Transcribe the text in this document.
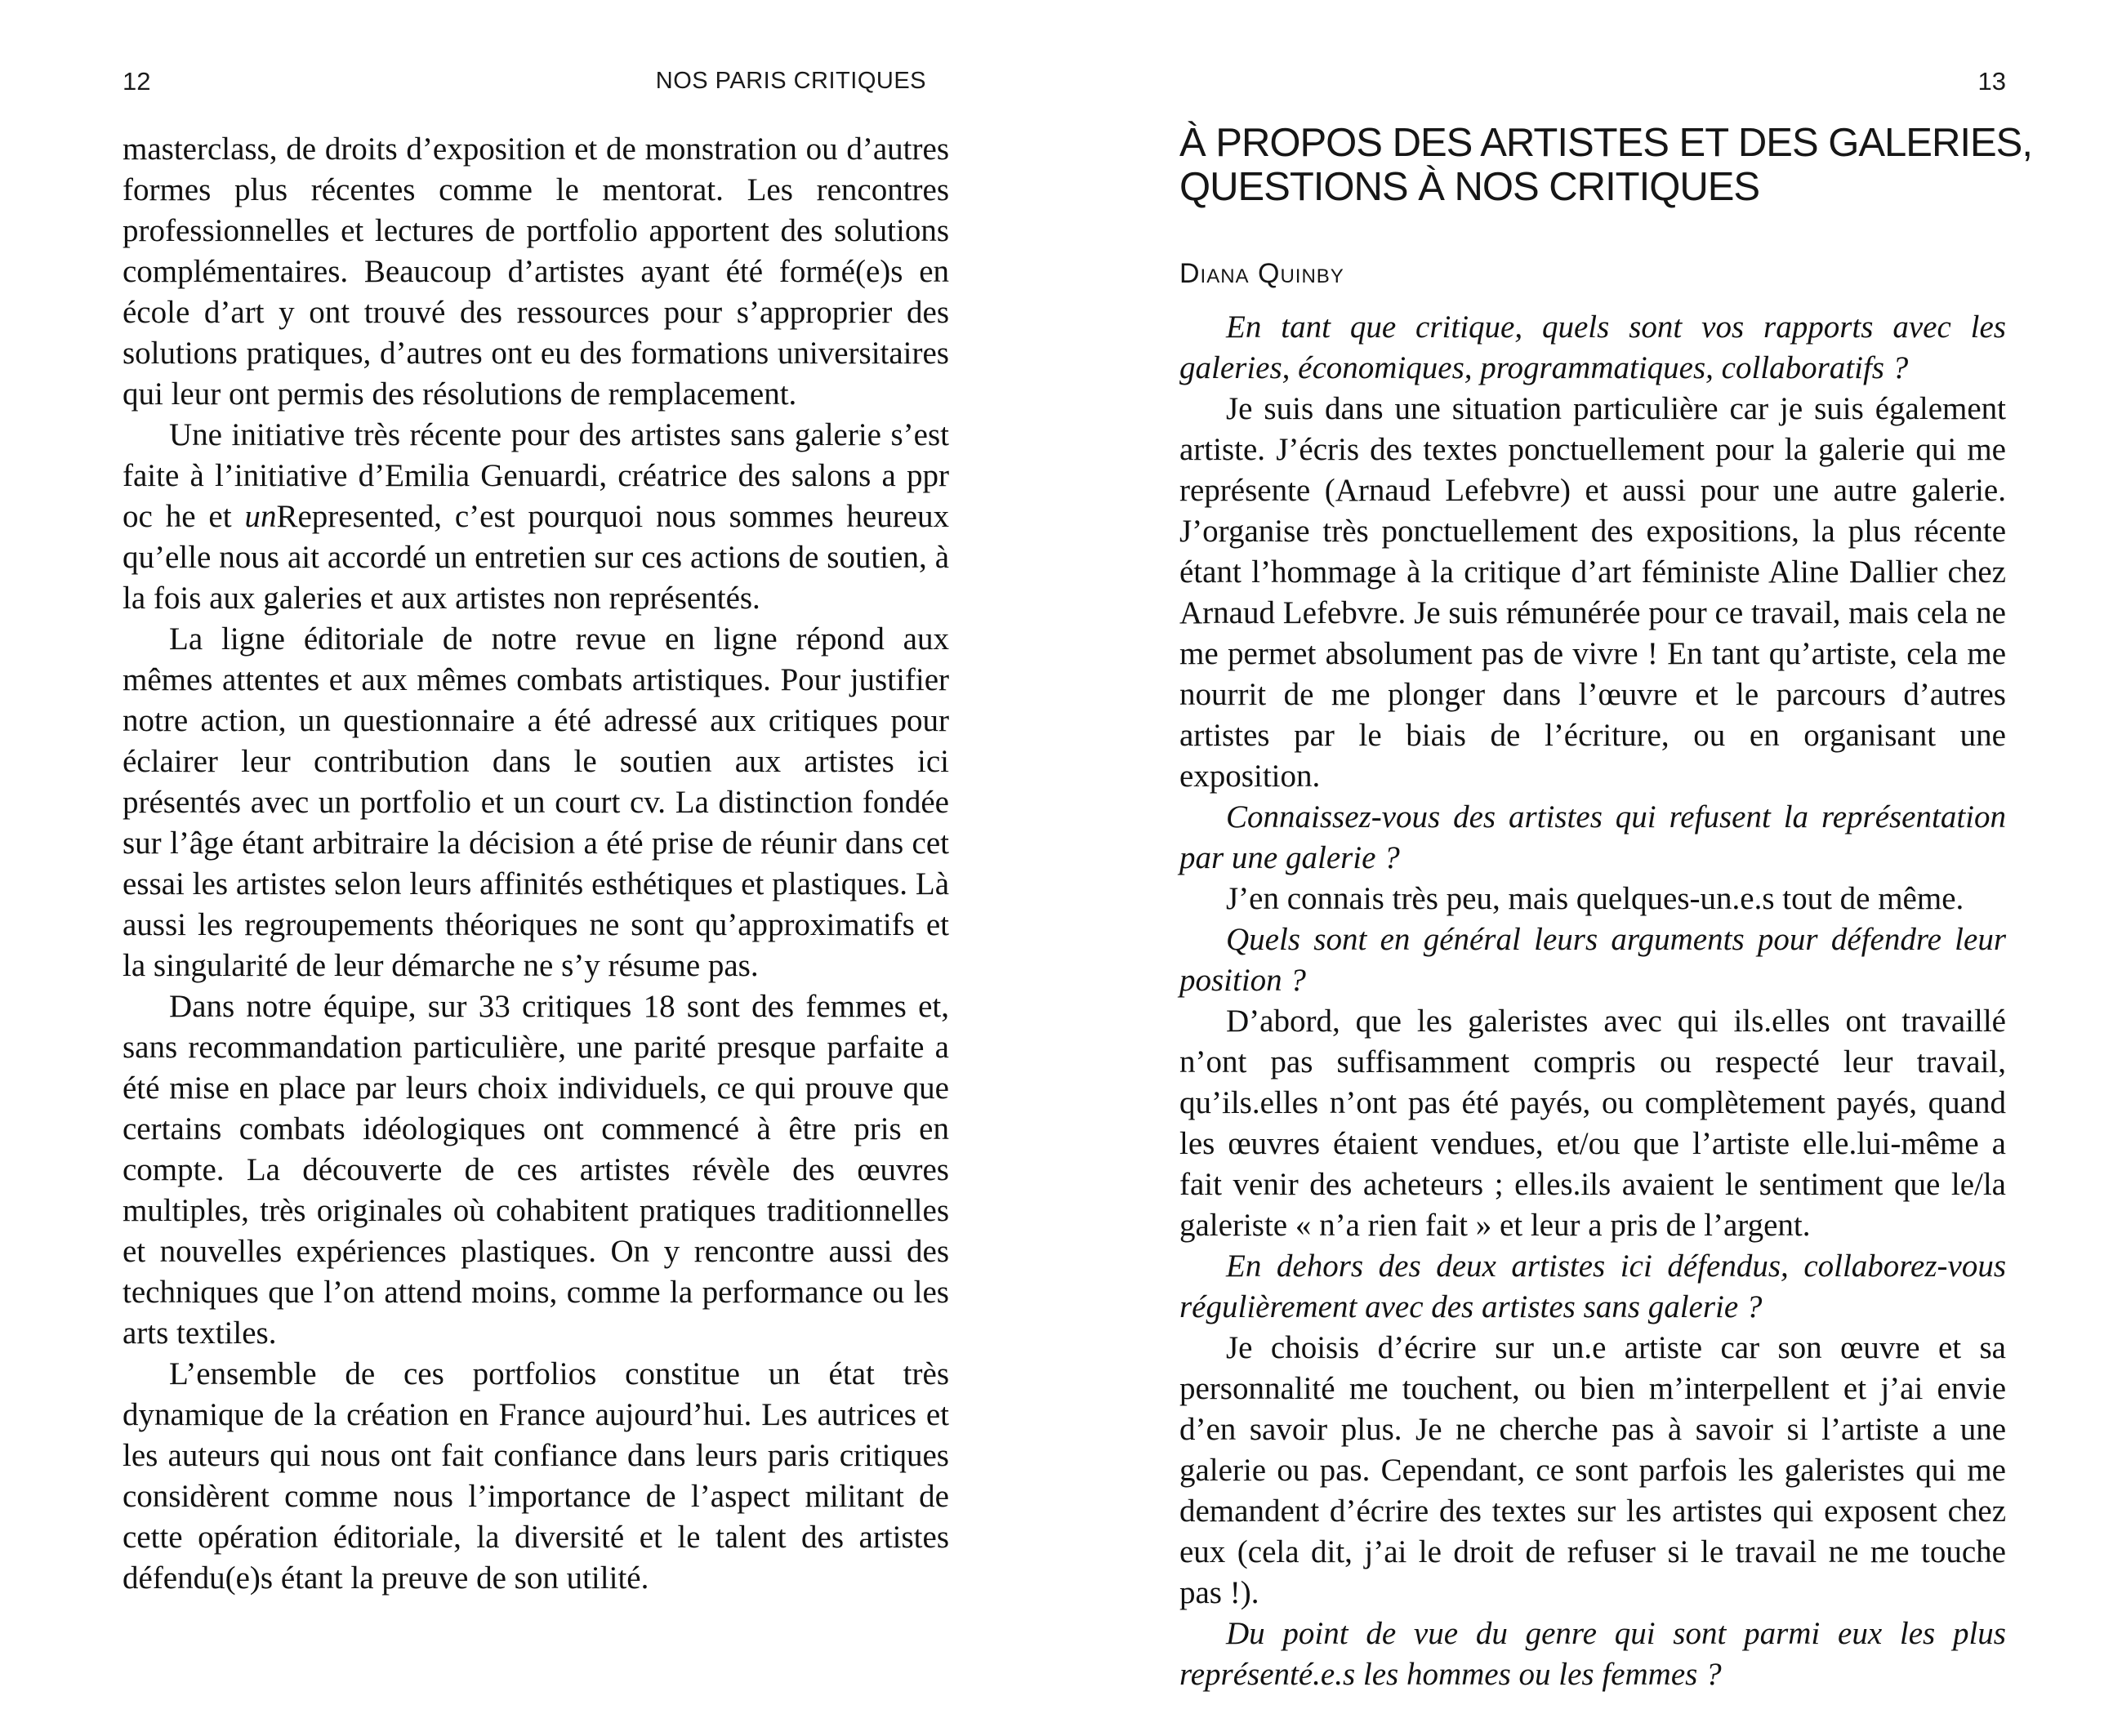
12	NOS PARIS CRITIQUES

masterclass, de droits d’exposition et de monstration ou d’autres formes plus récentes comme le mentorat. Les rencontres professionnelles et lectures de portfolio apportent des solutions complémentaires. Beaucoup d’artistes ayant été formé(e)s en école d’art y ont trouvé des ressources pour s’approprier des solutions pratiques, d’autres ont eu des formations universitaires qui leur ont permis des résolutions de remplacement.

Une initiative très récente pour des artistes sans galerie s’est faite à l’initiative d’Emilia Genuardi, créatrice des salons a ppr oc he et unRepresented, c’est pourquoi nous sommes heureux qu’elle nous ait accordé un entretien sur ces actions de soutien, à la fois aux galeries et aux artistes non représentés.

La ligne éditoriale de notre revue en ligne répond aux mêmes attentes et aux mêmes combats artistiques. Pour justifier notre action, un questionnaire a été adressé aux critiques pour éclairer leur contribution dans le soutien aux artistes ici présentés avec un portfolio et un court cv. La distinction fondée sur l’âge étant arbitraire la décision a été prise de réunir dans cet essai les artistes selon leurs affinités esthétiques et plastiques. Là aussi les regroupements théoriques ne sont qu’approximatifs et la singularité de leur démarche ne s’y résume pas.

Dans notre équipe, sur 33 critiques 18 sont des femmes et, sans recommandation particulière, une parité presque parfaite a été mise en place par leurs choix individuels, ce qui prouve que certains combats idéologiques ont commencé à être pris en compte. La découverte de ces artistes révèle des œuvres multiples, très originales où cohabitent pratiques traditionnelles et nouvelles expériences plastiques. On y rencontre aussi des techniques que l’on attend moins, comme la performance ou les arts textiles.

L’ensemble de ces portfolios constitue un état très dynamique de la création en France aujourd’hui. Les autrices et les auteurs qui nous ont fait confiance dans leurs paris critiques considèrent comme nous l’importance de l’aspect militant de cette opération éditoriale, la diversité et le talent des artistes défendu(e)s étant la preuve de son utilité.

13
À PROPOS DES ARTISTES ET DES GALERIES,
QUESTIONS À NOS CRITIQUES
Diana Quinby

En tant que critique, quels sont vos rapports avec les galeries, économiques, programmatiques, collaboratifs ?

Je suis dans une situation particulière car je suis également artiste. J’écris des textes ponctuellement pour la galerie qui me représente (Arnaud Lefebvre) et aussi pour une autre galerie. J’organise très ponctuellement des expositions, la plus récente étant l’hommage à la critique d’art féministe Aline Dallier chez Arnaud Lefebvre. Je suis rémunérée pour ce travail, mais cela ne me permet absolument pas de vivre ! En tant qu’artiste, cela me nourrit de me plonger dans l’œuvre et le parcours d’autres artistes par le biais de l’écriture, ou en organisant une exposition.

Connaissez-vous des artistes qui refusent la représentation par une galerie ?

J’en connais très peu, mais quelques-un.e.s tout de même.

Quels sont en général leurs arguments pour défendre leur position ?

D’abord, que les galeristes avec qui ils.elles ont travaillé n’ont pas suffisamment compris ou respecté leur travail, qu’ils.elles n’ont pas été payés, ou complètement payés, quand les œuvres étaient vendues, et/ou que l’artiste elle.lui-même a fait venir des acheteurs ; elles.ils avaient le sentiment que le/la galeriste « n’a rien fait » et leur a pris de l’argent.

En dehors des deux artistes ici défendus, collaborez-vous régulièrement avec des artistes sans galerie ?

Je choisis d’écrire sur un.e artiste car son œuvre et sa personnalité me touchent, ou bien m’interpellent et j’ai envie d’en savoir plus. Je ne cherche pas à savoir si l’artiste a une galerie ou pas. Cependant, ce sont parfois les galeristes qui me demandent d’écrire des textes sur les artistes qui exposent chez eux (cela dit, j’ai le droit de refuser si le travail ne me touche pas !).

Du point de vue du genre qui sont parmi eux les plus représenté.e.s les hommes ou les femmes ?
